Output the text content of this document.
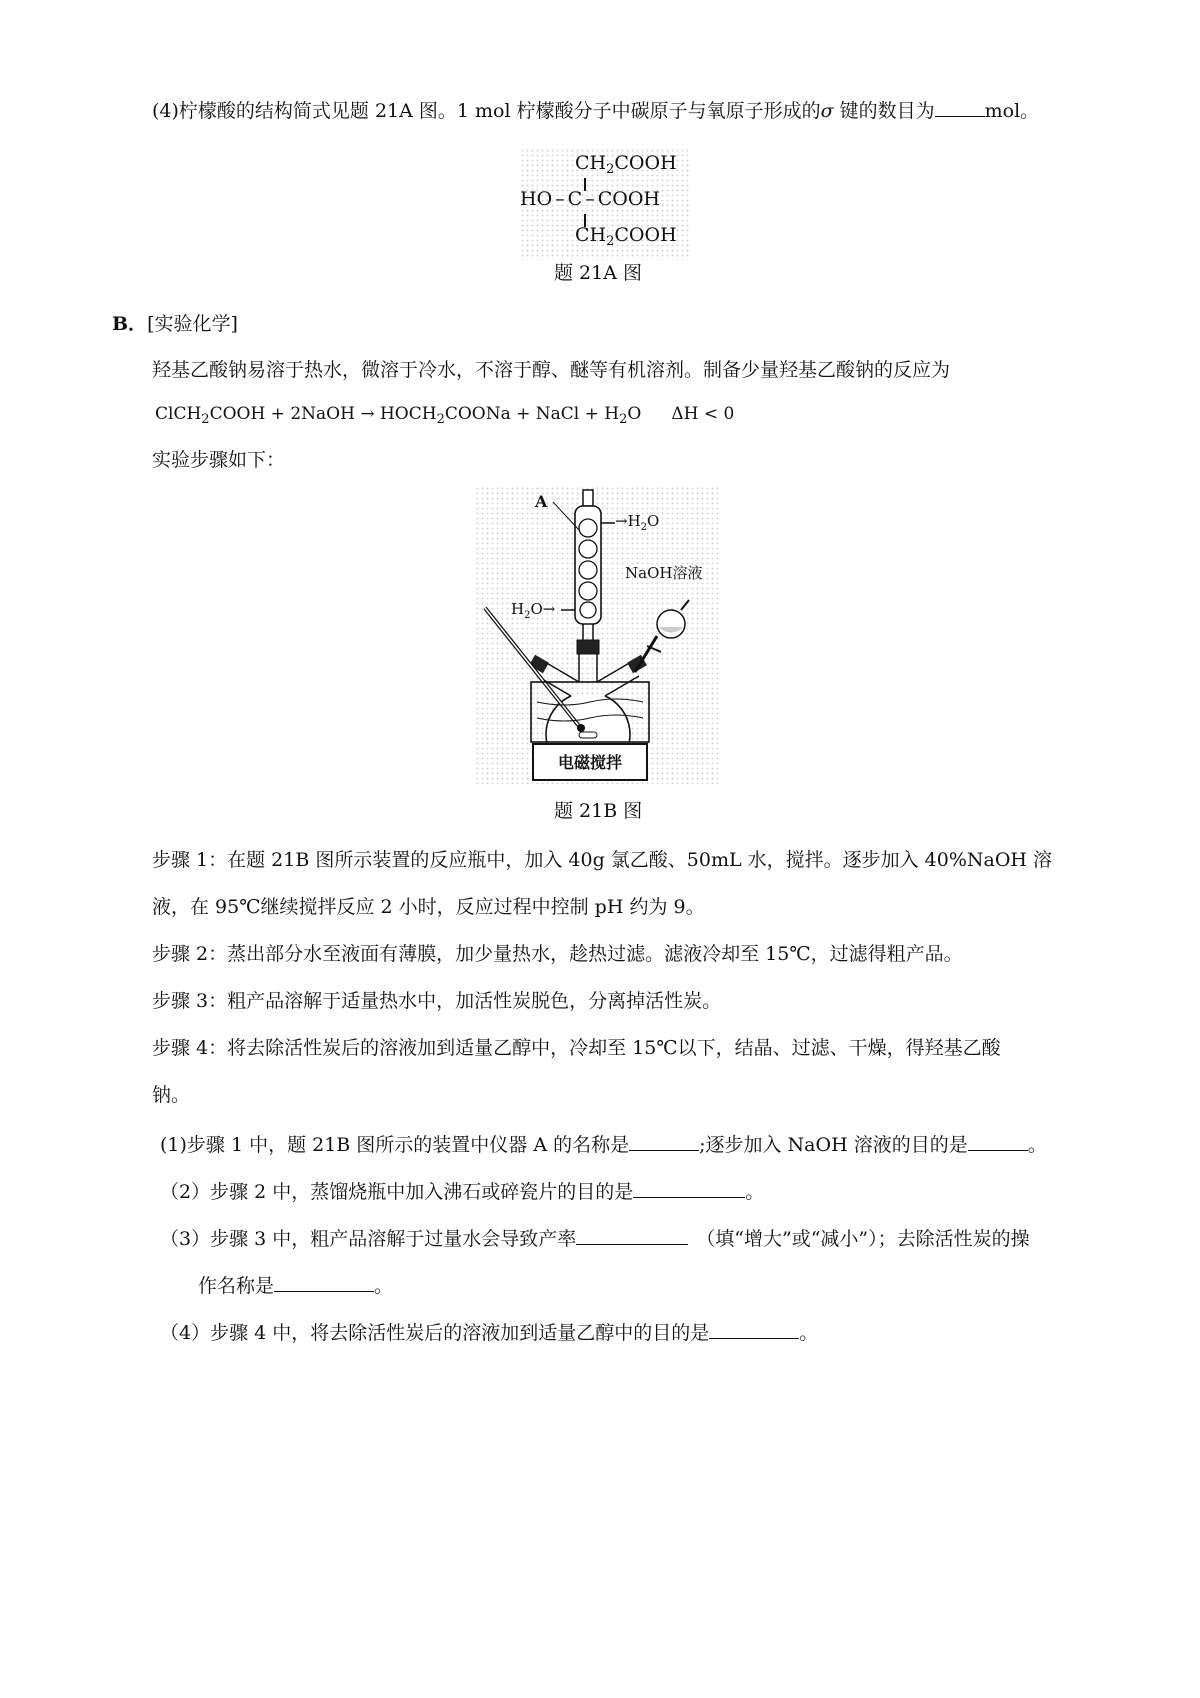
(4)柠檬酸的结构简式见题 21A 图。1 mol 柠檬酸分子中碳原子与氧原子形成的σ 键的数目为	mol。
$CH_2COOH$
HO – C – COOH
$CH_2COOH$
题 21A 图
B．[实验化学]
羟基乙酸钠易溶于热水，微溶于冷水，不溶于醇、醚等有机溶剂。制备少量羟基乙酸钠的反应为
ClCH$_2$COOH + 2NaOH → $HOCH_2COONa$ + NaCl + $H_2O$ ΔH < 0
实验步骤如下：
A
$\to H_2O$
$H_2O\to$
NaOH溶液
电磁搅拌
题 21B 图
步骤 1：在题 21B 图所示装置的反应瓶中，加入 40g 氯乙酸、50mL 水，搅拌。逐步加入 40%NaOH 溶
液，在 95℃继续搅拌反应 2 小时，反应过程中控制 pH 约为 9。
步骤 2：蒸出部分水至液面有薄膜，加少量热水，趁热过滤。滤液冷却至 15℃，过滤得粗产品。
步骤 3：粗产品溶解于适量热水中，加活性炭脱色，分离掉活性炭。
步骤 4：将去除活性炭后的溶液加到适量乙醇中，冷却至 15℃以下，结晶、过滤、干燥，得羟基乙酸
钠。
(1)步骤 1 中，题 21B 图所示的装置中仪器 A 的名称是	;逐步加入 NaOH 溶液的目的是	。
（2）步骤 2 中，蒸馏烧瓶中加入沸石或碎瓷片的目的是	。
（3）步骤 3 中，粗产品溶解于过量水会导致产率	（填“增大”或“减小”）；去除活性炭的操
作名称是	。
（4）步骤 4 中，将去除活性炭后的溶液加到适量乙醇中的目的是	。
